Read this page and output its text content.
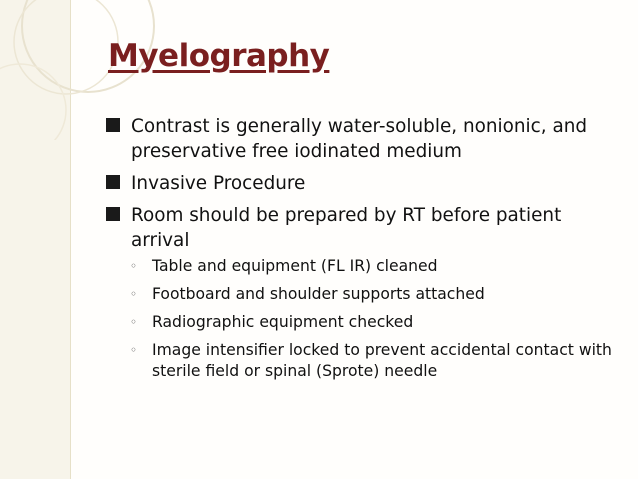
Myelography
Contrast is generally water-soluble, nonionic, and preservative free iodinated medium
Invasive Procedure
Room should be prepared by RT before patient arrival
◦ Table and equipment (FL IR) cleaned
◦ Footboard and shoulder supports attached
◦ Radiographic equipment checked
◦ Image intensifier locked to prevent accidental contact with sterile field or spinal (Sprote) needle
